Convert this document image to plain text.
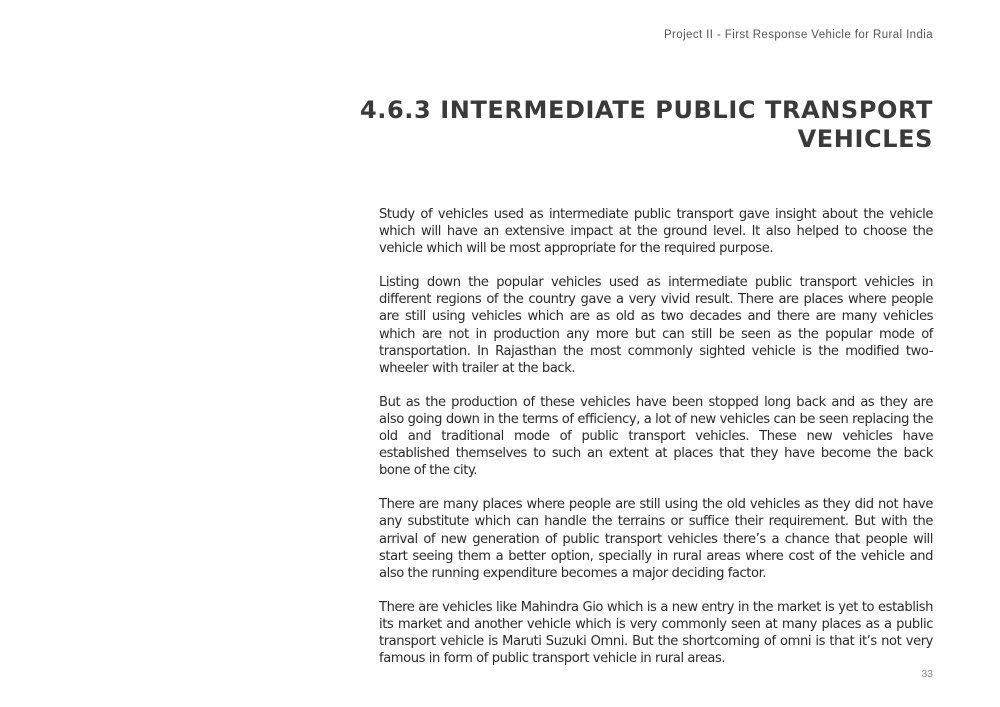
Project II - First Response Vehicle for Rural India
4.6.3 INTERMEDIATE PUBLIC TRANSPORT VEHICLES

Study of vehicles used as intermediate public transport gave insight about the vehicle which will have an extensive impact at the ground level. It also helped to choose the vehicle which will be most appropriate for the required purpose.

Listing down the popular vehicles used as intermediate public transport vehicles in different regions of the country gave a very vivid result. There are places where people are still using vehicles which are as old as two decades and there are many vehicles which are not in production any more but can still be seen as the popular mode of transportation. In Rajasthan the most commonly sighted vehicle is the modified two-wheeler with trailer at the back.

But as the production of these vehicles have been stopped long back and as they are also going down in the terms of efficiency, a lot of new vehicles can be seen replacing the old and traditional mode of public transport vehicles. These new vehicles have established themselves to such an extent at places that they have become the back bone of the city.

There are many places where people are still using the old vehicles as they did not have any substitute which can handle the terrains or suffice their requirement. But with the arrival of new generation of public transport vehicles there’s a chance that people will start seeing them a better option, specially in rural areas where cost of the vehicle and also the running expenditure becomes a major deciding factor.

There are vehicles like Mahindra Gio which is a new entry in the market is yet to establish its market and another vehicle which is very commonly seen at many places as a public transport vehicle is Maruti Suzuki Omni. But the shortcoming of omni is that it’s not very famous in form of public transport vehicle in rural areas.

33
